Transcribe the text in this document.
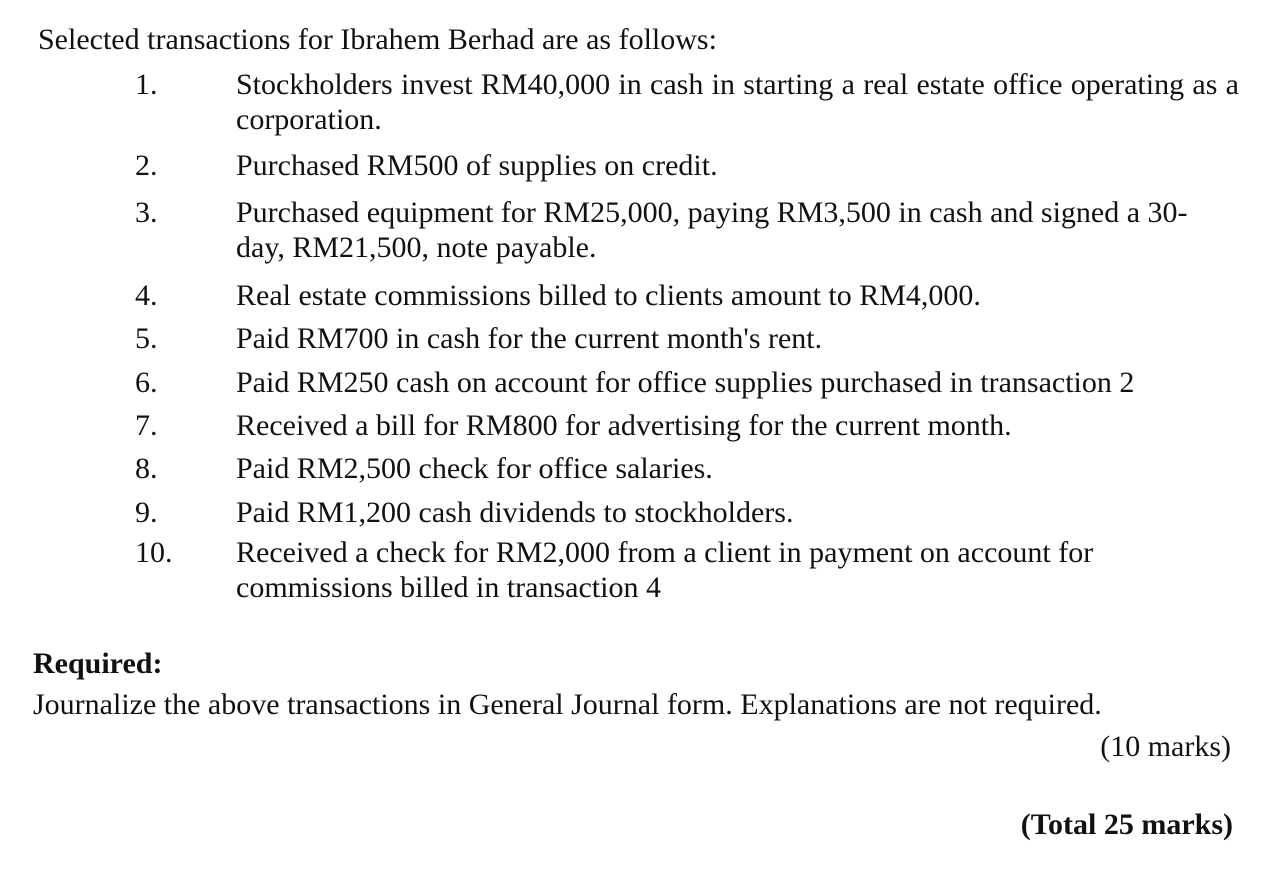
Selected transactions for Ibrahem Berhad are as follows:
1.	Stockholders invest RM40,000 in cash in starting a real estate office operating as a corporation.
2.	Purchased RM500 of supplies on credit.
3.	Purchased equipment for RM25,000, paying RM3,500 in cash and signed a 30- day, RM21,500, note payable.
4.	Real estate commissions billed to clients amount to RM4,000.
5.	Paid RM700 in cash for the current month's rent.
6.	Paid RM250 cash on account for office supplies purchased in transaction 2
7.	Received a bill for RM800 for advertising for the current month.
8.	Paid RM2,500 check for office salaries.
9.	Paid RM1,200 cash dividends to stockholders.
10. Received a check for RM2,000 from a client in payment on account for commissions billed in transaction 4
Required:
Journalize the above transactions in General Journal form. Explanations are not required.
(10 marks)
(Total 25 marks)
